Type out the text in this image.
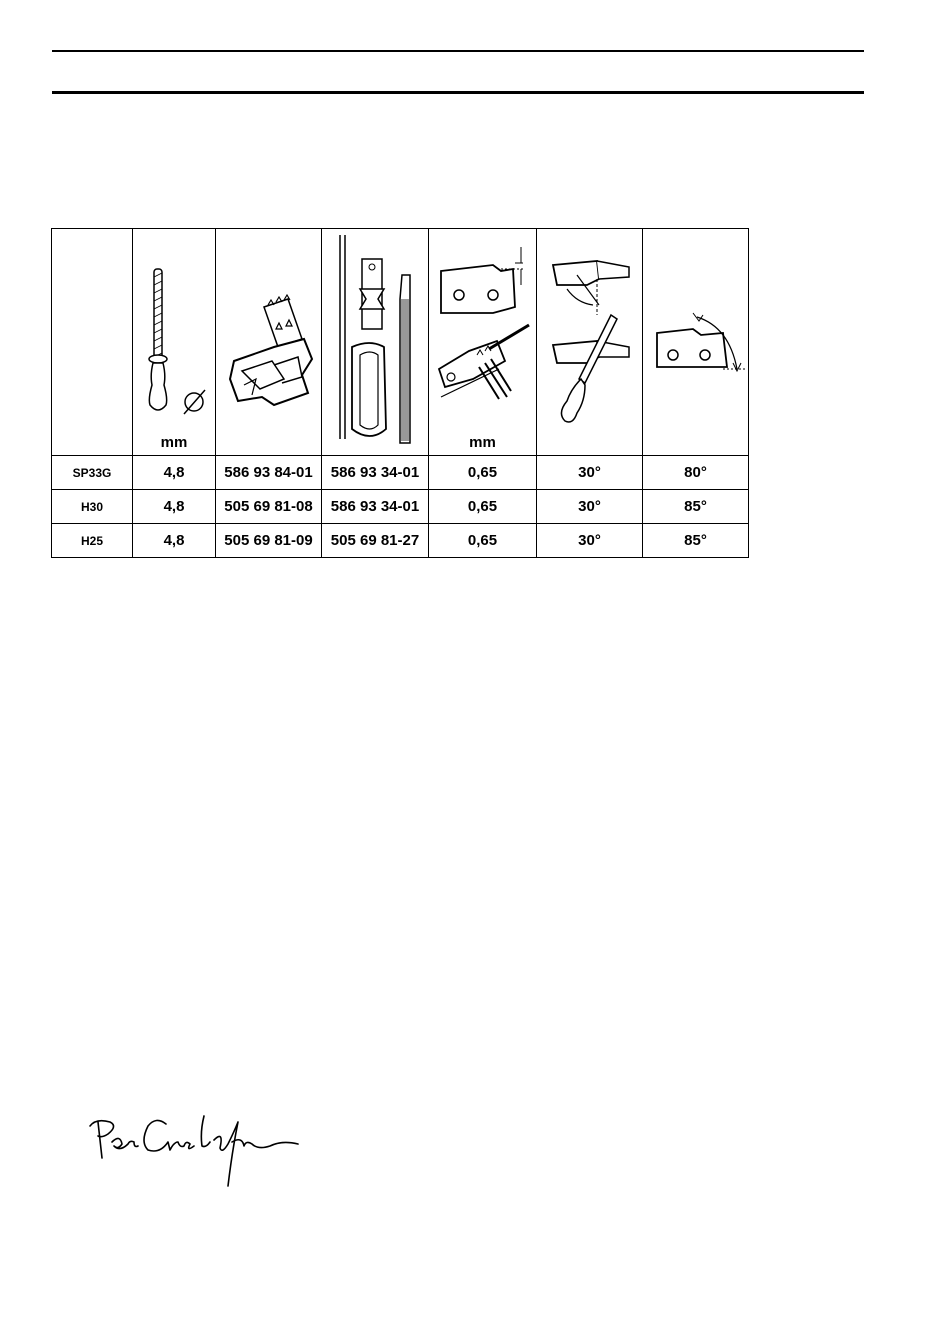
	mm			mm

SP33G	4,8	586 93 84-01	586 93 34-01	0,65	30°	80°
H30	4,8	505 69 81-08	586 93 34-01	0,65	30°	85°
H25	4,8	505 69 81-09	505 69 81-27	0,65	30°	85°
